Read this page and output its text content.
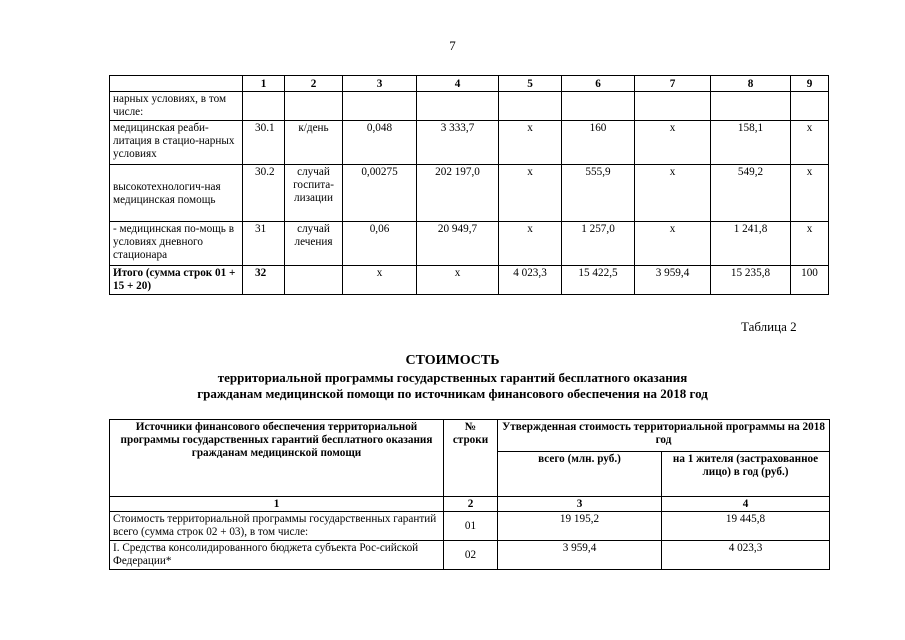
7
	1	2	3	4	5	6	7	8	9
нарных условиях, в том числе:									
медицинская реаби-литация в стацио-нарных условиях	30.1	к/день	0,048	3 333,7	х	160	х	158,1	х
высокотехнологич-ная медицинская помощь	30.2	случай госпита-лизации	0,00275	202 197,0	х	555,9	х	549,2	х
- медицинская по-мощь в условиях дневного стационара	31	случай лечения	0,06	20 949,7	х	1 257,0	х	1 241,8	х
Итого (сумма строк 01 + 15 + 20)	32		х	х	4 023,3	15 422,5	3 959,4	15 235,8	100
Таблица 2
СТОИМОСТЬ
территориальной программы государственных гарантий бесплатного оказания
гражданам медицинской помощи по источникам финансового обеспечения на 2018 год
Источники финансового обеспечения территориальной программы государственных гарантий бесплатного оказания гражданам медицинской помощи	№ строки	Утвержденная стоимость территориальной программы на 2018 год	
		всего (млн. руб.)	на 1 жителя (застрахованное лицо) в год (руб.)
1	2	3	4
Стоимость территориальной программы государственных гарантий всего (сумма строк 02 + 03), в том числе:	01	19 195,2	19 445,8
I. Средства консолидированного бюджета субъекта Рос-сийской Федерации*	02	3 959,4	4 023,3
